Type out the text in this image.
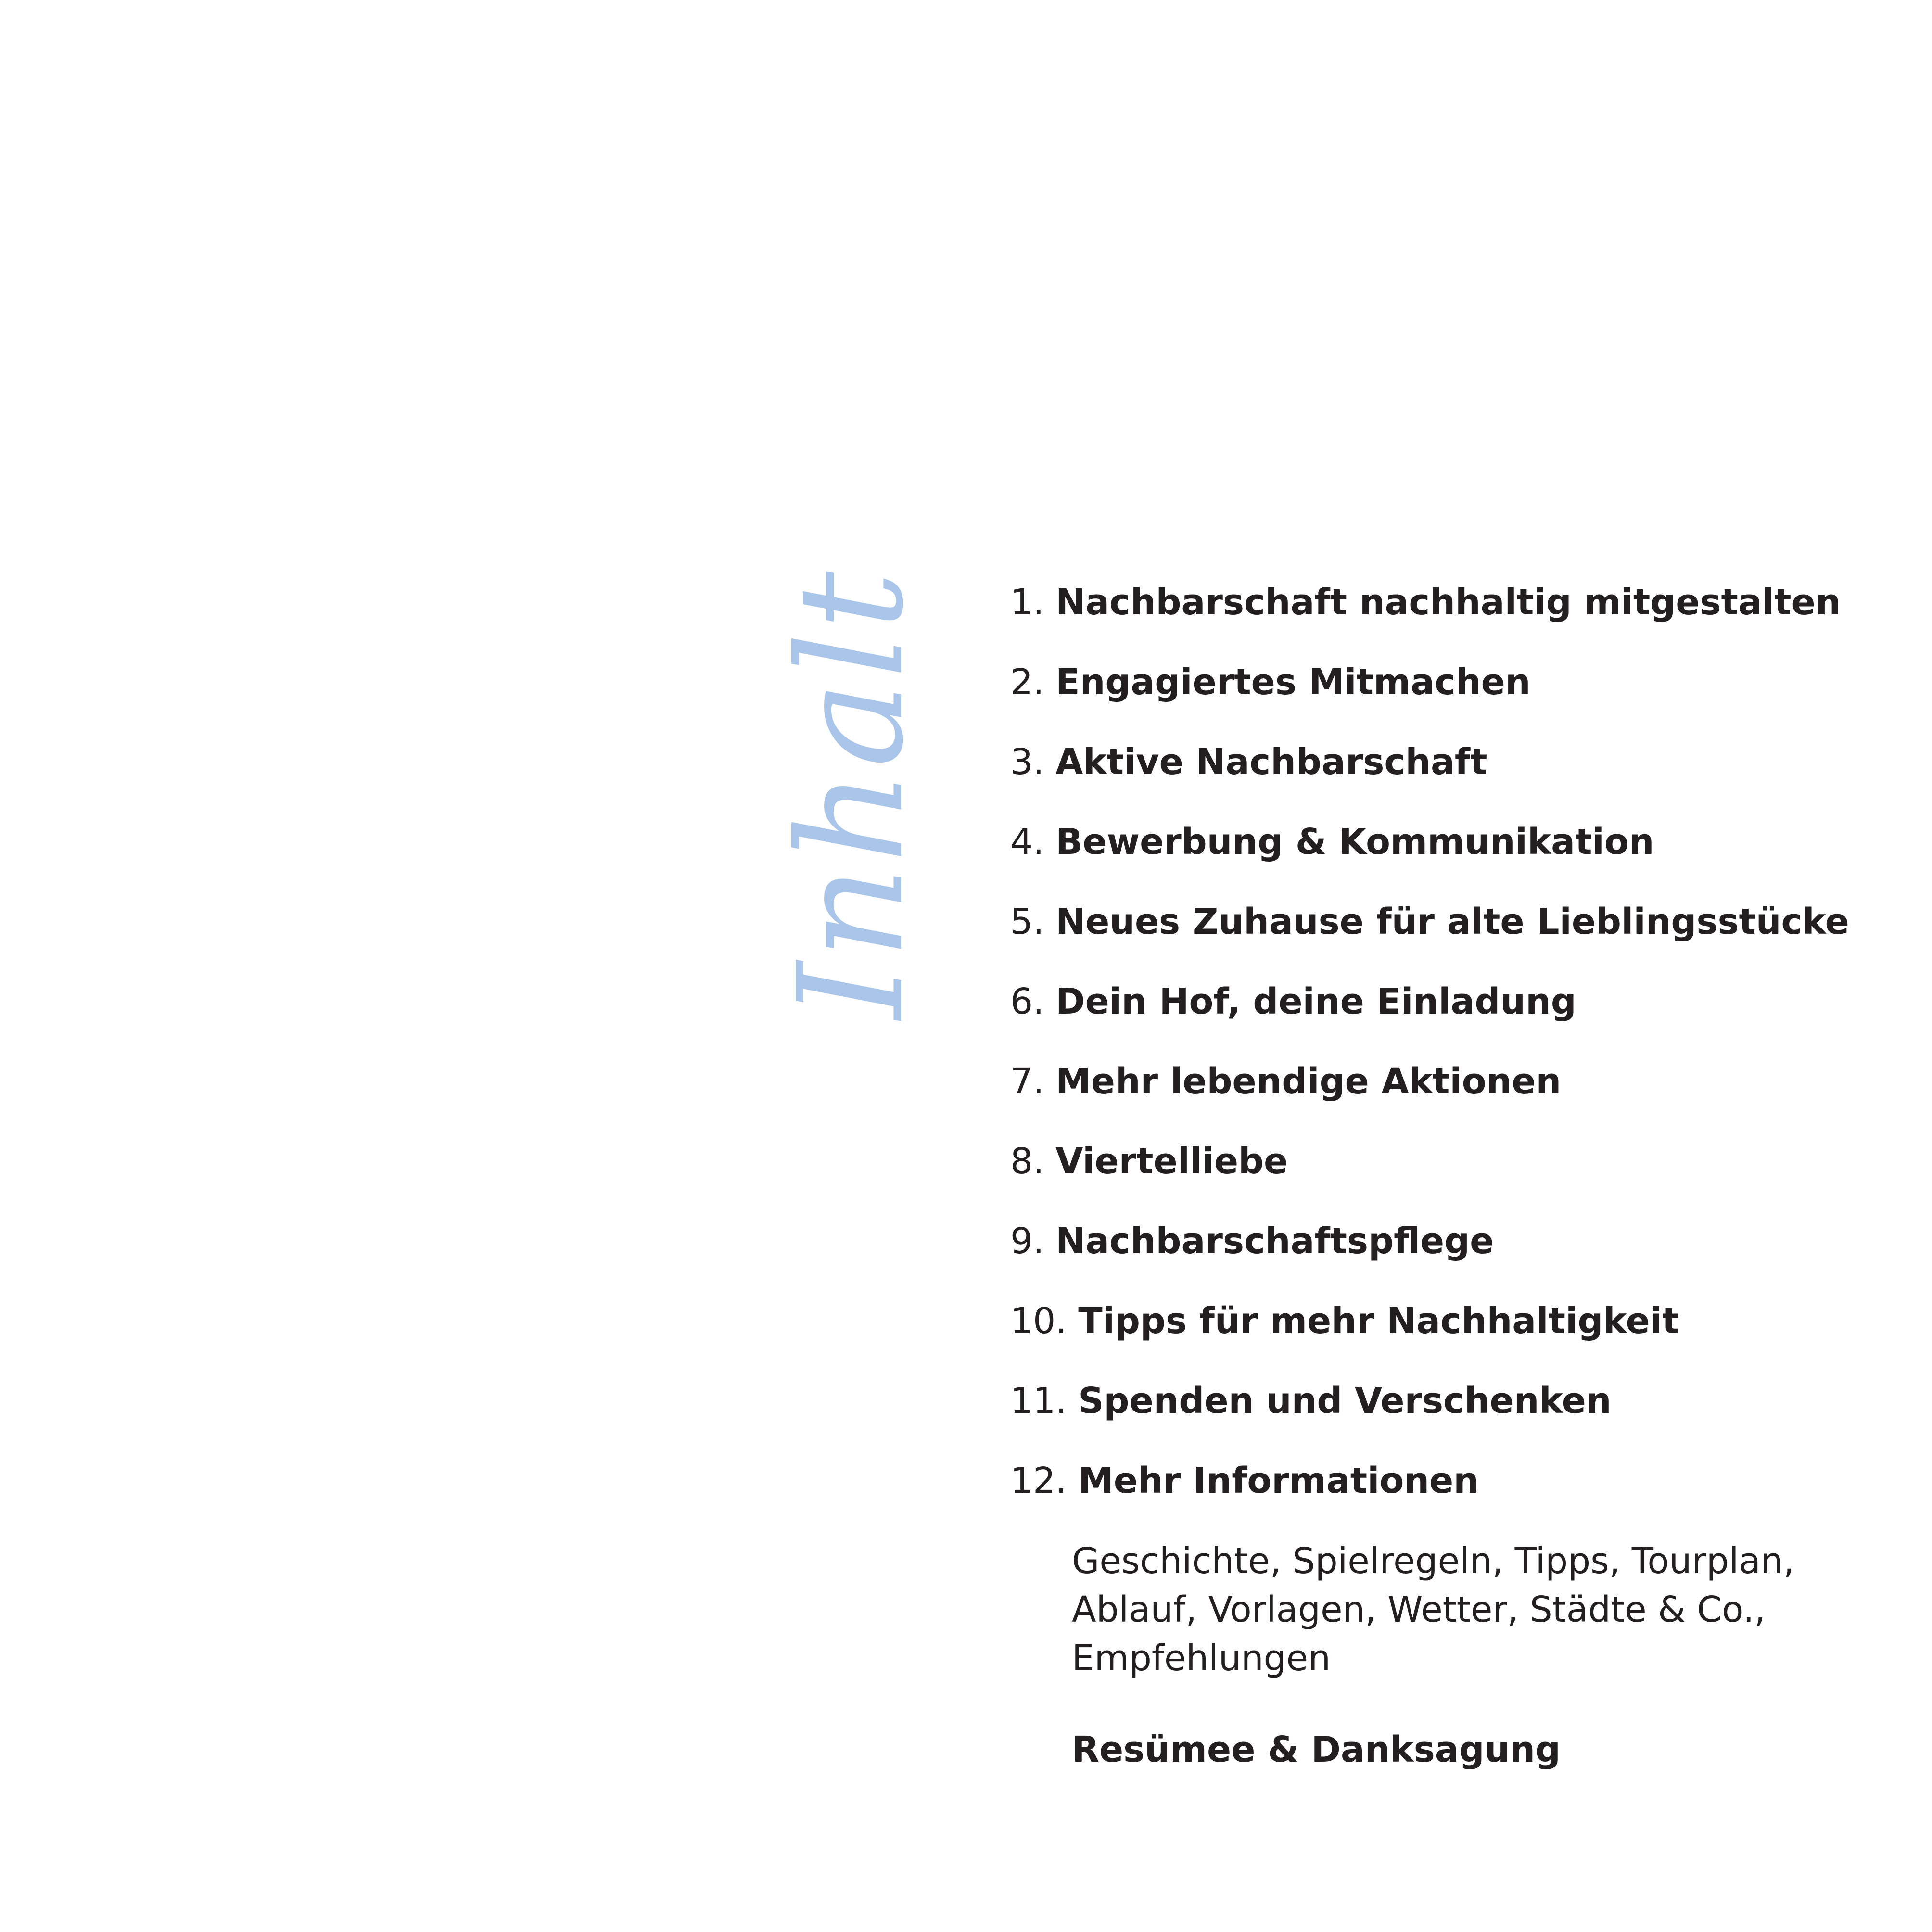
Inhalt 1. Nachbarschaft nachhaltig mitgestalten
2. Engagiertes Mitmachen
3. Aktive Nachbarschaft
4. Bewerbung & Kommunikation
5. Neues Zuhause für alte Lieblingsstücke
6. Dein Hof, deine Einladung
7. Mehr lebendige Aktionen
8. Viertelliebe
9. Nachbarschaftspflege
10. Tipps für mehr Nachhaltigkeit
11. Spenden und Verschenken
12. Mehr Informationen
Geschichte, Spielregeln, Tipps, Tourplan,
Ablauf, Vorlagen, Wetter, Städte & Co.,
Empfehlungen
Resümee & Danksagung
